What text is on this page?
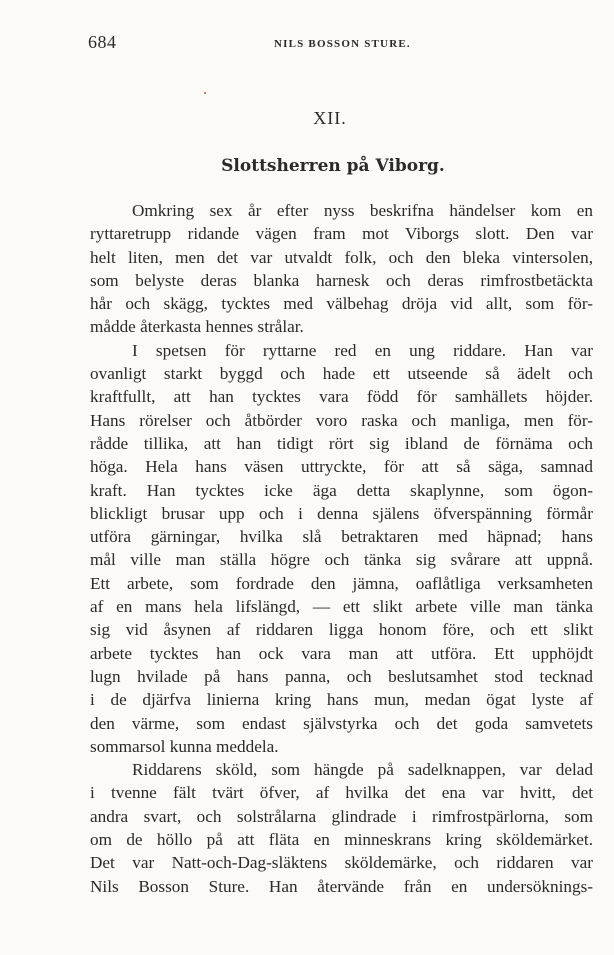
684	NILS BOSSON STURE.
XII.
Slottsherren på Viborg.
Omkring sex år efter nyss beskrifna händelser kom en
ryttaretrupp ridande vägen fram mot Viborgs slott. Den var
helt liten, men det var utvaldt folk, och den bleka vintersolen,
som belyste deras blanka harnesk och deras rimfrostbetäckta
hår och skägg, tycktes med välbehag dröja vid allt, som för-
mådde återkasta hennes strålar.
I spetsen för ryttarne red en ung riddare. Han var
ovanligt starkt byggd och hade ett utseende så ädelt och
kraftfullt, att han tycktes vara född för samhällets höjder.
Hans rörelser och åtbörder voro raska och manliga, men för-
rådde tillika, att han tidigt rört sig ibland de förnäma och
höga. Hela hans väsen uttryckte, för att så säga, samnad
kraft. Han tycktes icke äga detta skaplynne, som ögon-
blickligt brusar upp och i denna själens öfverspänning förmår
utföra gärningar, hvilka slå betraktaren med häpnad; hans
mål ville man ställa högre och tänka sig svårare att uppnå.
Ett arbete, som fordrade den jämna, oaflåtliga verksamheten
af en mans hela lifslängd, — ett slikt arbete ville man tänka
sig vid åsynen af riddaren ligga honom före, och ett slikt
arbete tycktes han ock vara man att utföra. Ett upphöjdt
lugn hvilade på hans panna, och beslutsamhet stod tecknad
i de djärfva linierna kring hans mun, medan ögat lyste af
den värme, som endast självstyrka och det goda samvetets
sommarsol kunna meddela.
Riddarens sköld, som hängde på sadelknappen, var delad
i tvenne fält tvärt öfver, af hvilka det ena var hvitt, det
andra svart, och solstrålarna glindrade i rimfrostpärlorna, som
om de höllo på att fläta en minneskrans kring sköldemärket.
Det var Natt-och-Dag-släktens sköldemärke, och riddaren var
Nils Bosson Sture. Han återvände från en undersöknings-
